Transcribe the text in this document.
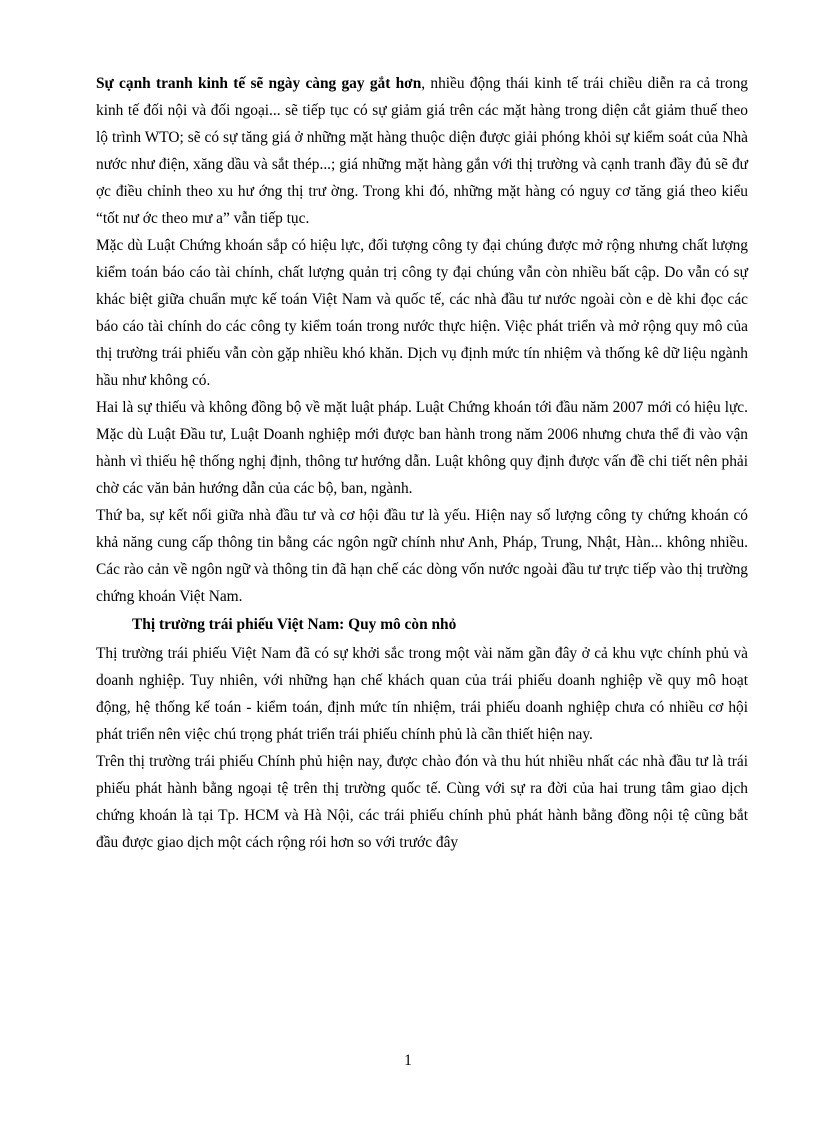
Sự cạnh tranh kinh tế sẽ ngày càng gay gắt hơn, nhiều động thái kinh tế trái chiều diễn ra cả trong kinh tế đối nội và đối ngoại... sẽ tiếp tục có sự giảm giá trên các mặt hàng trong diện cắt giảm thuế theo lộ trình WTO; sẽ có sự tăng giá ở những mặt hàng thuộc diện được giải phóng khỏi sự kiểm soát của Nhà nước như điện, xăng dầu và sắt thép...; giá những mặt hàng gắn với thị trường và cạnh tranh đầy đủ sẽ đư ợc điều chỉnh theo xu hư ớng thị trư ờng. Trong khi đó, những mặt hàng có nguy cơ tăng giá theo kiểu “tốt nư ớc theo mư a” vẫn tiếp tục.

Mặc dù Luật Chứng khoán sắp có hiệu lực, đối tượng công ty đại chúng được mở rộng nhưng chất lượng kiểm toán báo cáo tài chính, chất lượng quản trị công ty đại chúng vẫn còn nhiều bất cập. Do vẫn có sự khác biệt giữa chuẩn mực kế toán Việt Nam và quốc tế, các nhà đầu tư nước ngoài còn e dè khi đọc các báo cáo tài chính do các công ty kiểm toán trong nước thực hiện. Việc phát triển và mở rộng quy mô của thị trường trái phiếu vẫn còn gặp nhiều khó khăn. Dịch vụ định mức tín nhiệm và thống kê dữ liệu ngành hầu như không có.

Hai là sự thiếu và không đồng bộ về mặt luật pháp. Luật Chứng khoán tới đầu năm 2007 mới có hiệu lực. Mặc dù Luật Đầu tư, Luật Doanh nghiệp mới được ban hành trong năm 2006 nhưng chưa thể đi vào vận hành vì thiếu hệ thống nghị định, thông tư hướng dẫn. Luật không quy định được vấn đề chi tiết nên phải chờ các văn bản hướng dẫn của các bộ, ban, ngành.

Thứ ba, sự kết nối giữa nhà đầu tư và cơ hội đầu tư là yếu. Hiện nay số lượng công ty chứng khoán có khả năng cung cấp thông tin bằng các ngôn ngữ chính như Anh, Pháp, Trung, Nhật, Hàn... không nhiều. Các rào cản về ngôn ngữ và thông tin đã hạn chế các dòng vốn nước ngoài đầu tư trực tiếp vào thị trường chứng khoán Việt Nam.

Thị trường trái phiếu Việt Nam: Quy mô còn nhỏ

Thị trường trái phiếu Việt Nam đã có sự khởi sắc trong một vài năm gần đây ở cả khu vực chính phủ và doanh nghiệp. Tuy nhiên, với những hạn chế khách quan của trái phiếu doanh nghiệp về quy mô hoạt động, hệ thống kế toán - kiểm toán, định mức tín nhiệm, trái phiếu doanh nghiệp chưa có nhiều cơ hội phát triển nên việc chú trọng phát triển trái phiếu chính phủ là cần thiết hiện nay.

Trên thị trường trái phiếu Chính phủ hiện nay, được chào đón và thu hút nhiều nhất các nhà đầu tư là trái phiếu phát hành bằng ngoại tệ trên thị trường quốc tế. Cùng với sự ra đời của hai trung tâm giao dịch chứng khoán là tại Tp. HCM và Hà Nội, các trái phiếu chính phủ phát hành bằng đồng nội tệ cũng bắt đầu được giao dịch một cách rộng rói hơn so với trước đây

1
